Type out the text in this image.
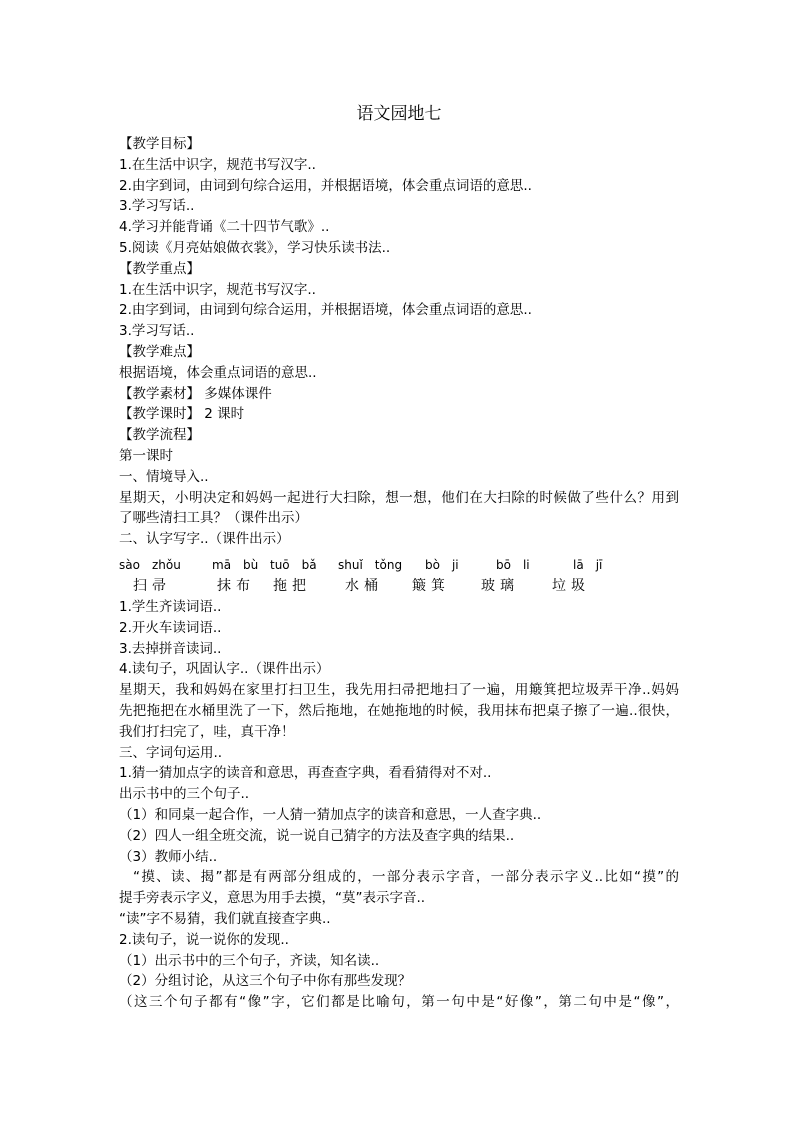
语文园地七
【教学目标】
1.在生活中识字，规范书写汉字..
2.由字到词，由词到句综合运用，并根据语境，体会重点词语的意思..
3.学习写话..
4.学习并能背诵《二十四节气歌》..
5.阅读《月亮姑娘做衣裳》，学习快乐读书法..
【教学重点】
1.在生活中识字，规范书写汉字..
2.由字到词，由词到句综合运用，并根据语境，体会重点词语的意思..
3.学习写话..
【教学难点】
根据语境，体会重点词语的意思..
【教学素材】 多媒体课件
【教学课时】 2 课时
【教学流程】
第一课时
一、情境导入..
星期天，小明决定和妈妈一起进行大扫除，想一想，他们在大扫除的时候做了些什么？用到
了哪些清扫工具？（课件出示）
二、认字写字..（课件出示）
sào　zhǒu	mā　bù tuō　bǎ shuǐ　tǒng bò　ji	bō　li	lā　jī
扫帚	抹布 拖把 水桶 簸箕 玻璃 垃圾
1.学生齐读词语..
2.开火车读词语..
3.去掉拼音读词..
4.读句子，巩固认字..（课件出示）
星期天，我和妈妈在家里打扫卫生，我先用扫帚把地扫了一遍，用簸箕把垃圾弄干净..妈妈
先把拖把在水桶里洗了一下，然后拖地，在她拖地的时候，我用抹布把桌子擦了一遍..很快，
我们打扫完了，哇，真干净！
三、字词句运用..
1.猜一猜加点字的读音和意思，再查查字典，看看猜得对不对..
出示书中的三个句子..
（1）和同桌一起合作，一人猜一猜加点字的读音和意思，一人查字典..
（2）四人一组全班交流，说一说自己猜字的方法及查字典的结果..
（3）教师小结..
“摸、读、揭”都是有两部分组成的，一部分表示字音，一部分表示字义..比如“摸”的
提手旁表示字义，意思为用手去摸，“莫”表示字音..
“读”字不易猜，我们就直接查字典..
2.读句子，说一说你的发现..
（1）出示书中的三个句子，齐读，知名读..
（2）分组讨论，从这三个句子中你有那些发现？
（这三个句子都有“像”字，它们都是比喻句，第一句中是“好像”，第二句中是“像”，
